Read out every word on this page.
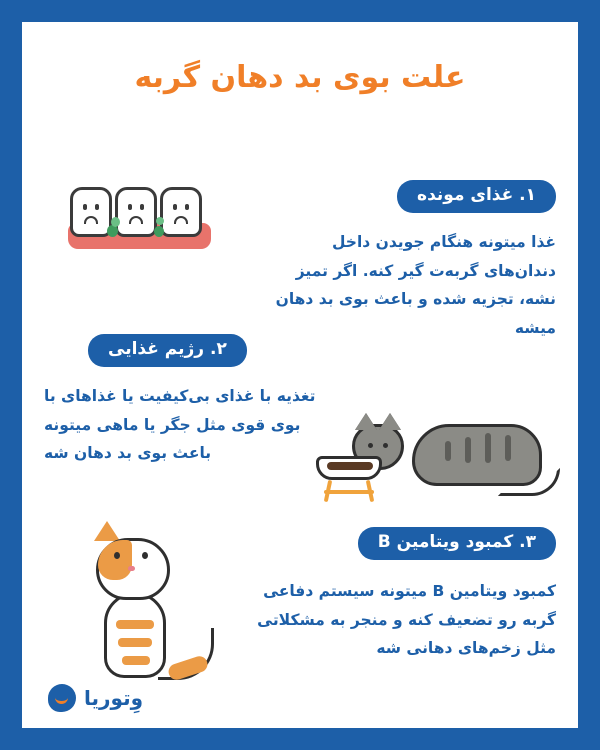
علت بوی بد دهان گربه
۱. غذای مونده
غذا میتونه هنگام جویدن داخل دندان‌های گربه‌ت گیر کنه. اگر تمیز نشه، تجزیه شده و باعث بوی بد دهان میشه
۲. رژیم غذایی
تغذیه با غذای بی‌کیفیت یا غذاهای با بوی قوی مثل جگر یا ماهی میتونه باعث بوی بد دهان شه
۳. کمبود ویتامین B
کمبود ویتامین B میتونه سیستم دفاعی گربه رو تضعیف کنه و منجر به مشکلاتی مثل زخم‌های دهانی شه
وِتوریا
